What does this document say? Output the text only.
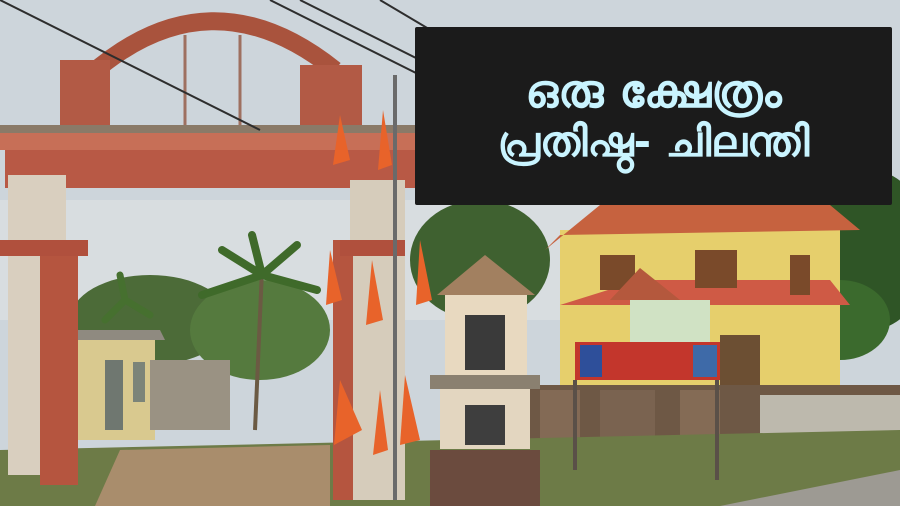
ഒരു ക്ഷേത്രം
പ്രതിഷ്ഠ- ചിലന്തി
